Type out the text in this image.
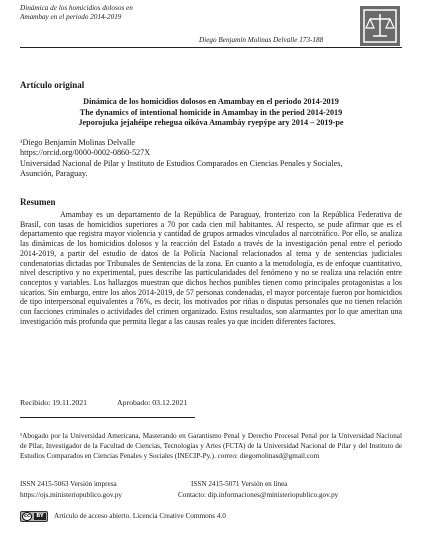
Dinámica de los homicidios dolosos en
Amambay en el periodo 2014-2019
Diego Benjamín Molinas Delvalle 173-188
Artículo original
Dinámica de los homicidios dolosos en Amambay en el periodo 2014-2019
The dynamics of intentional homicide in Amambay in the period 2014-2019
Jeporojuka jejahéipe rehegua oikóva Amambáy ryepýpe ary 2014 – 2019-pe
¹Diego Benjamín Molinas Delvalle
https://orcid.org/0000-0002-0860-527X
Universidad Nacional de Pilar y Instituto de Estudios Comparados en Ciencias Penales y Sociales,
Asunción, Paraguay.
Resumen

Amambay es un departamento de la República de Paraguay, fronterizo con la República Federativa de Brasil, con tasas de homicidios superiores a 70 por cada cien mil habitantes. Al respecto, se pude afirmar que es el departamento que registra mayor violencia y cantidad de grupos armados vinculados al narcotráfico. Por ello, se analiza las dinámicas de los homicidios dolosos y la reacción del Estado a través de la investigación penal entre el periodo 2014-2019, a partir del estudio de datos de la Policía Nacional relacionados al tema y de sentencias judiciales condenatorias dictadas por Tribunales de Sentencias de la zona. En cuanto a la metodología, es de enfoque cuantitativo, nivel descriptivo y no experimental, pues describe las particularidades del fenómeno y no se realiza una relación entre conceptos y variables. Los hallazgos muestran que dichos hechos punibles tienen como principales protagonistas a los sicarios. Sin embargo, entre los años 2014-2019, de 57 personas condenadas, el mayor porcentaje fueron por homicidios de tipo interpersonal equivalentes a 76%, es decir, los motivados por riñas o disputas personales que no tienen relación con facciones criminales o actividades del crimen organizado. Estos resultados, son alarmantes por lo que ameritan una investigación más profunda que permita llegar a las causas reales ya que inciden diferentes factores.

Recibido: 19.11.2021	Aprobado: 03.12.2021

¹Abogado por la Universidad Americana, Masterando en Garantismo Penal y Derecho Procesal Penal por la Universidad Nacional de Pilar, Investigador de la Facultad de Ciencias, Tecnologías y Artes (FCTA) de la Universidad Nacional de Pilar y del Instituto de Estudios Comparados en Ciencias Penales y Sociales (INECIP-Py.). correo: diegomolinasd@gmail.com

ISSN 2415-5063 Versión impresa	ISSN 2415-5071 Versión en línea
https://ojs.ministeriopublico.gov.py	Contacto: dip.informaciones@ministeriopublico.gov.py
cc	BY	Artículo de acceso abierto. Licencia Creative Commons 4.0
